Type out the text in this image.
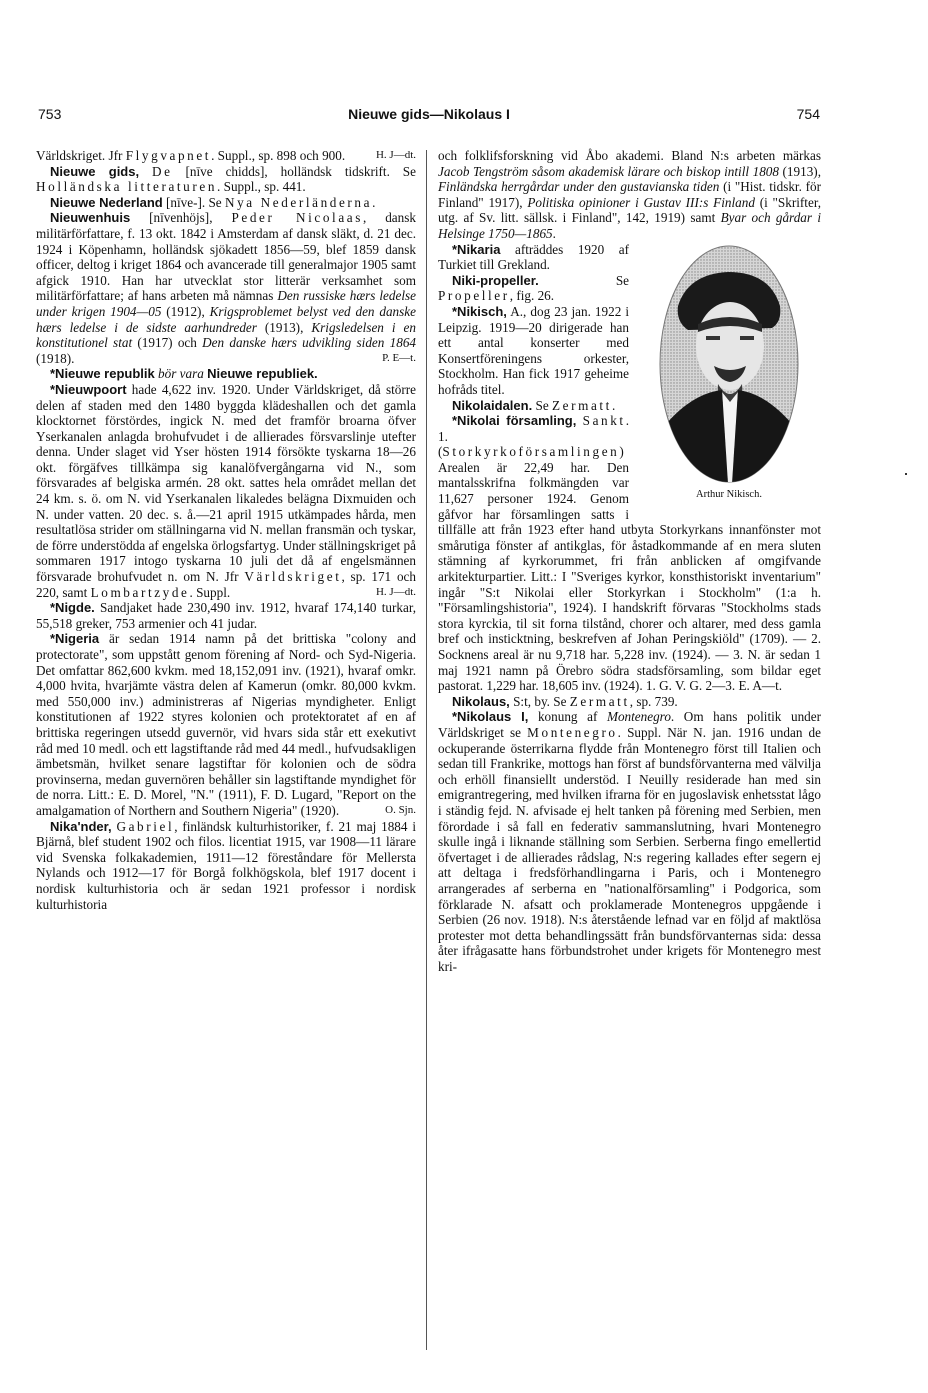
753	Nieuwe gids—Nikolaus I	754

Världskriget. Jfr Flygvapnet. Suppl., sp. 898 och 900.	H. J—dt.

Nieuwe gids, De [nīve chidds], holländsk tidskrift. Se Holländska litteraturen. Suppl., sp. 441.

Nieuwe Nederland [nīve-]. Se Nya Nederländerna.

Nieuwenhuis [nīvenhöjs], Peder Nicolaas, dansk militärförfattare, f. 13 okt. 1842 i Amsterdam af dansk släkt, d. 21 dec. 1924 i Köpenhamn, holländsk sjökadett 1856—59, blef 1859 dansk officer, deltog i kriget 1864 och avancerade till generalmajor 1905 samt afgick 1910. Han har utvecklat stor litterär verksamhet som militärförfattare; af hans arbeten må nämnas Den russiske hærs ledelse under krigen 1904—05 (1912), Krigsproblemet belyst ved den danske hærs ledelse i de sidste aarhundreder (1913), Krigsledelsen i en konstitutionel stat (1917) och Den danske hærs udvikling siden 1864 (1918).	P. E—t.

*Nieuwe republik bör vara Nieuwe republiek.

*Nieuwpoort hade 4,622 inv. 1920. Under Världskriget, då större delen af staden med den 1480 byggda klädeshallen och det gamla klocktornet förstördes, ingick N. med det framför broarna öfver Yserkanalen anlagda brohufvudet i de allierades försvarslinje utefter denna. Under slaget vid Yser hösten 1914 försökte tyskarna 18—26 okt. förgäfves tillkämpa sig kanalöfvergångarna vid N., som försvarades af belgiska armén. 28 okt. sattes hela området mellan det 24 km. s. ö. om N. vid Yserkanalen likaledes belägna Dixmuiden och N. under vatten. 20 dec. s. å.—21 april 1915 utkämpades hårda, men resultatlösa strider om ställningarna vid N. mellan fransmän och tyskar, de förre understödda af engelska örlogsfartyg. Under ställningskriget på sommaren 1917 intogo tyskarna 10 juli det då af engelsmännen försvarade brohufvudet n. om N. Jfr Världskriget, sp. 171 och 220, samt Lombartzyde. Suppl.	H. J—dt.

*Nigde. Sandjaket hade 230,490 inv. 1912, hvaraf 174,140 turkar, 55,518 greker, 753 armenier och 41 judar.

*Nigeria är sedan 1914 namn på det brittiska "colony and protectorate", som uppstått genom förening af Nord- och Syd-Nigeria. Det omfattar 862,600 kvkm. med 18,152,091 inv. (1921), hvaraf omkr. 4,000 hvita, hvarjämte västra delen af Kamerun (omkr. 80,000 kvkm. med 550,000 inv.) administreras af Nigerias myndigheter. Enligt konstitutionen af 1922 styres kolonien och protektoratet af en af brittiska regeringen utsedd guvernör, vid hvars sida står ett exekutivt råd med 10 medl. och ett lagstiftande råd med 44 medl., hufvudsakligen ämbetsmän, hvilket senare lagstiftar för kolonien och de södra provinserna, medan guvernören behåller sin lagstiftande myndighet för de norra. Litt.: E. D. Morel, "N." (1911), F. D. Lugard, "Report on the amalgamation of Northern and Southern Nigeria" (1920).	O. Sjn.

Nika'nder, Gabriel, finländsk kulturhistoriker, f. 21 maj 1884 i Bjärnå, blef student 1902 och filos. licentiat 1915, var 1908—11 lärare vid Svenska folkakademien, 1911—12 föreståndare för Mellersta Nylands och 1912—17 för Borgå folkhögskola, blef 1917 docent i nordisk kulturhistoria och är sedan 1921 professor i nordisk kulturhistoria

och folklifsforskning vid Åbo akademi. Bland N:s arbeten märkas Jacob Tengström såsom akademisk lärare och biskop intill 1808 (1913), Finländska herrgårdar under den gustavianska tiden (i "Hist. tidskr. för Finland" 1917), Politiska opinioner i Gustav III:s Finland (i "Skrifter, utg. af Sv. litt. sällsk. i Finland", 142, 1919) samt Byar och gårdar i Helsinge 1750—1865.

Arthur Nikisch.

*Nikaria afträddes 1920 af Turkiet till Grekland.

Niki-propeller. Se Propeller, fig. 26.

*Nikisch, A., dog 23 jan. 1922 i Leipzig. 1919—20 dirigerade han ett antal konserter med Konsertföreningens orkester, Stockholm. Han fick 1917 geheime hofråds titel.

Nikolaidalen. Se Zermatt.

*Nikolai församling, Sankt. 1. (Storkyrkoförsamlingen) Arealen är 22,49 har. Den mantalsskrifna folkmängden var 11,627 personer 1924. Genom gåfvor har församlingen satts i tillfälle att från 1923 efter hand utbyta Storkyrkans innanfönster mot smårutiga fönster af antikglas, för åstadkommande af en mera sluten stämning af kyrkorummet, fri från anblicken af omgifvande arkitekturpartier. Litt.: I "Sveriges kyrkor, konsthistoriskt inventarium" ingår "S:t Nikolai eller Storkyrkan i Stockholm" (1:a h. "Församlingshistoria", 1924). I handskrift förvaras "Stockholms stads stora kyrckia, til sit forna tilstånd, chorer och altarer, med dess gamla bref och insticktning, beskrefven af Johan Peringskiöld" (1709). — 2. Socknens areal är nu 9,718 har. 5,228 inv. (1924). — 3. N. är sedan 1 maj 1921 namn på Örebro södra stadsförsamling, som bildar eget pastorat. 1,229 har. 18,605 inv. (1924). 1. G. V. G. 2—3. E. A—t.

Nikolaus, S:t, by. Se Zermatt, sp. 739.

*Nikolaus I, konung af Montenegro. Om hans politik under Världskriget se Montenegro. Suppl. När N. jan. 1916 undan de ockuperande österrikarna flydde från Montenegro först till Italien och sedan till Frankrike, mottogs han först af bundsförvanterna med välvilja och erhöll finansiellt understöd. I Neuilly residerade han med sin emigrantregering, med hvilken ifrarna för en jugoslavisk enhetsstat lågo i ständig fejd. N. afvisade ej helt tanken på förening med Serbien, men förordade i så fall en federativ sammanslutning, hvari Montenegro skulle ingå i liknande ställning som Serbien. Serberna fingo emellertid öfvertaget i de allierades rådslag, N:s regering kallades efter segern ej att deltaga i fredsförhandlingarna i Paris, och i Montenegro arrangerades af serberna en "nationalförsamling" i Podgorica, som förklarade N. afsatt och proklamerade Montenegros uppgående i Serbien (26 nov. 1918). N:s återstående lefnad var en följd af maktlösa protester mot detta behandlingssätt från bundsförvanternas sida: dessa åter ifrågasatte hans förbundstrohet under krigets för Montenegro mest kri-
